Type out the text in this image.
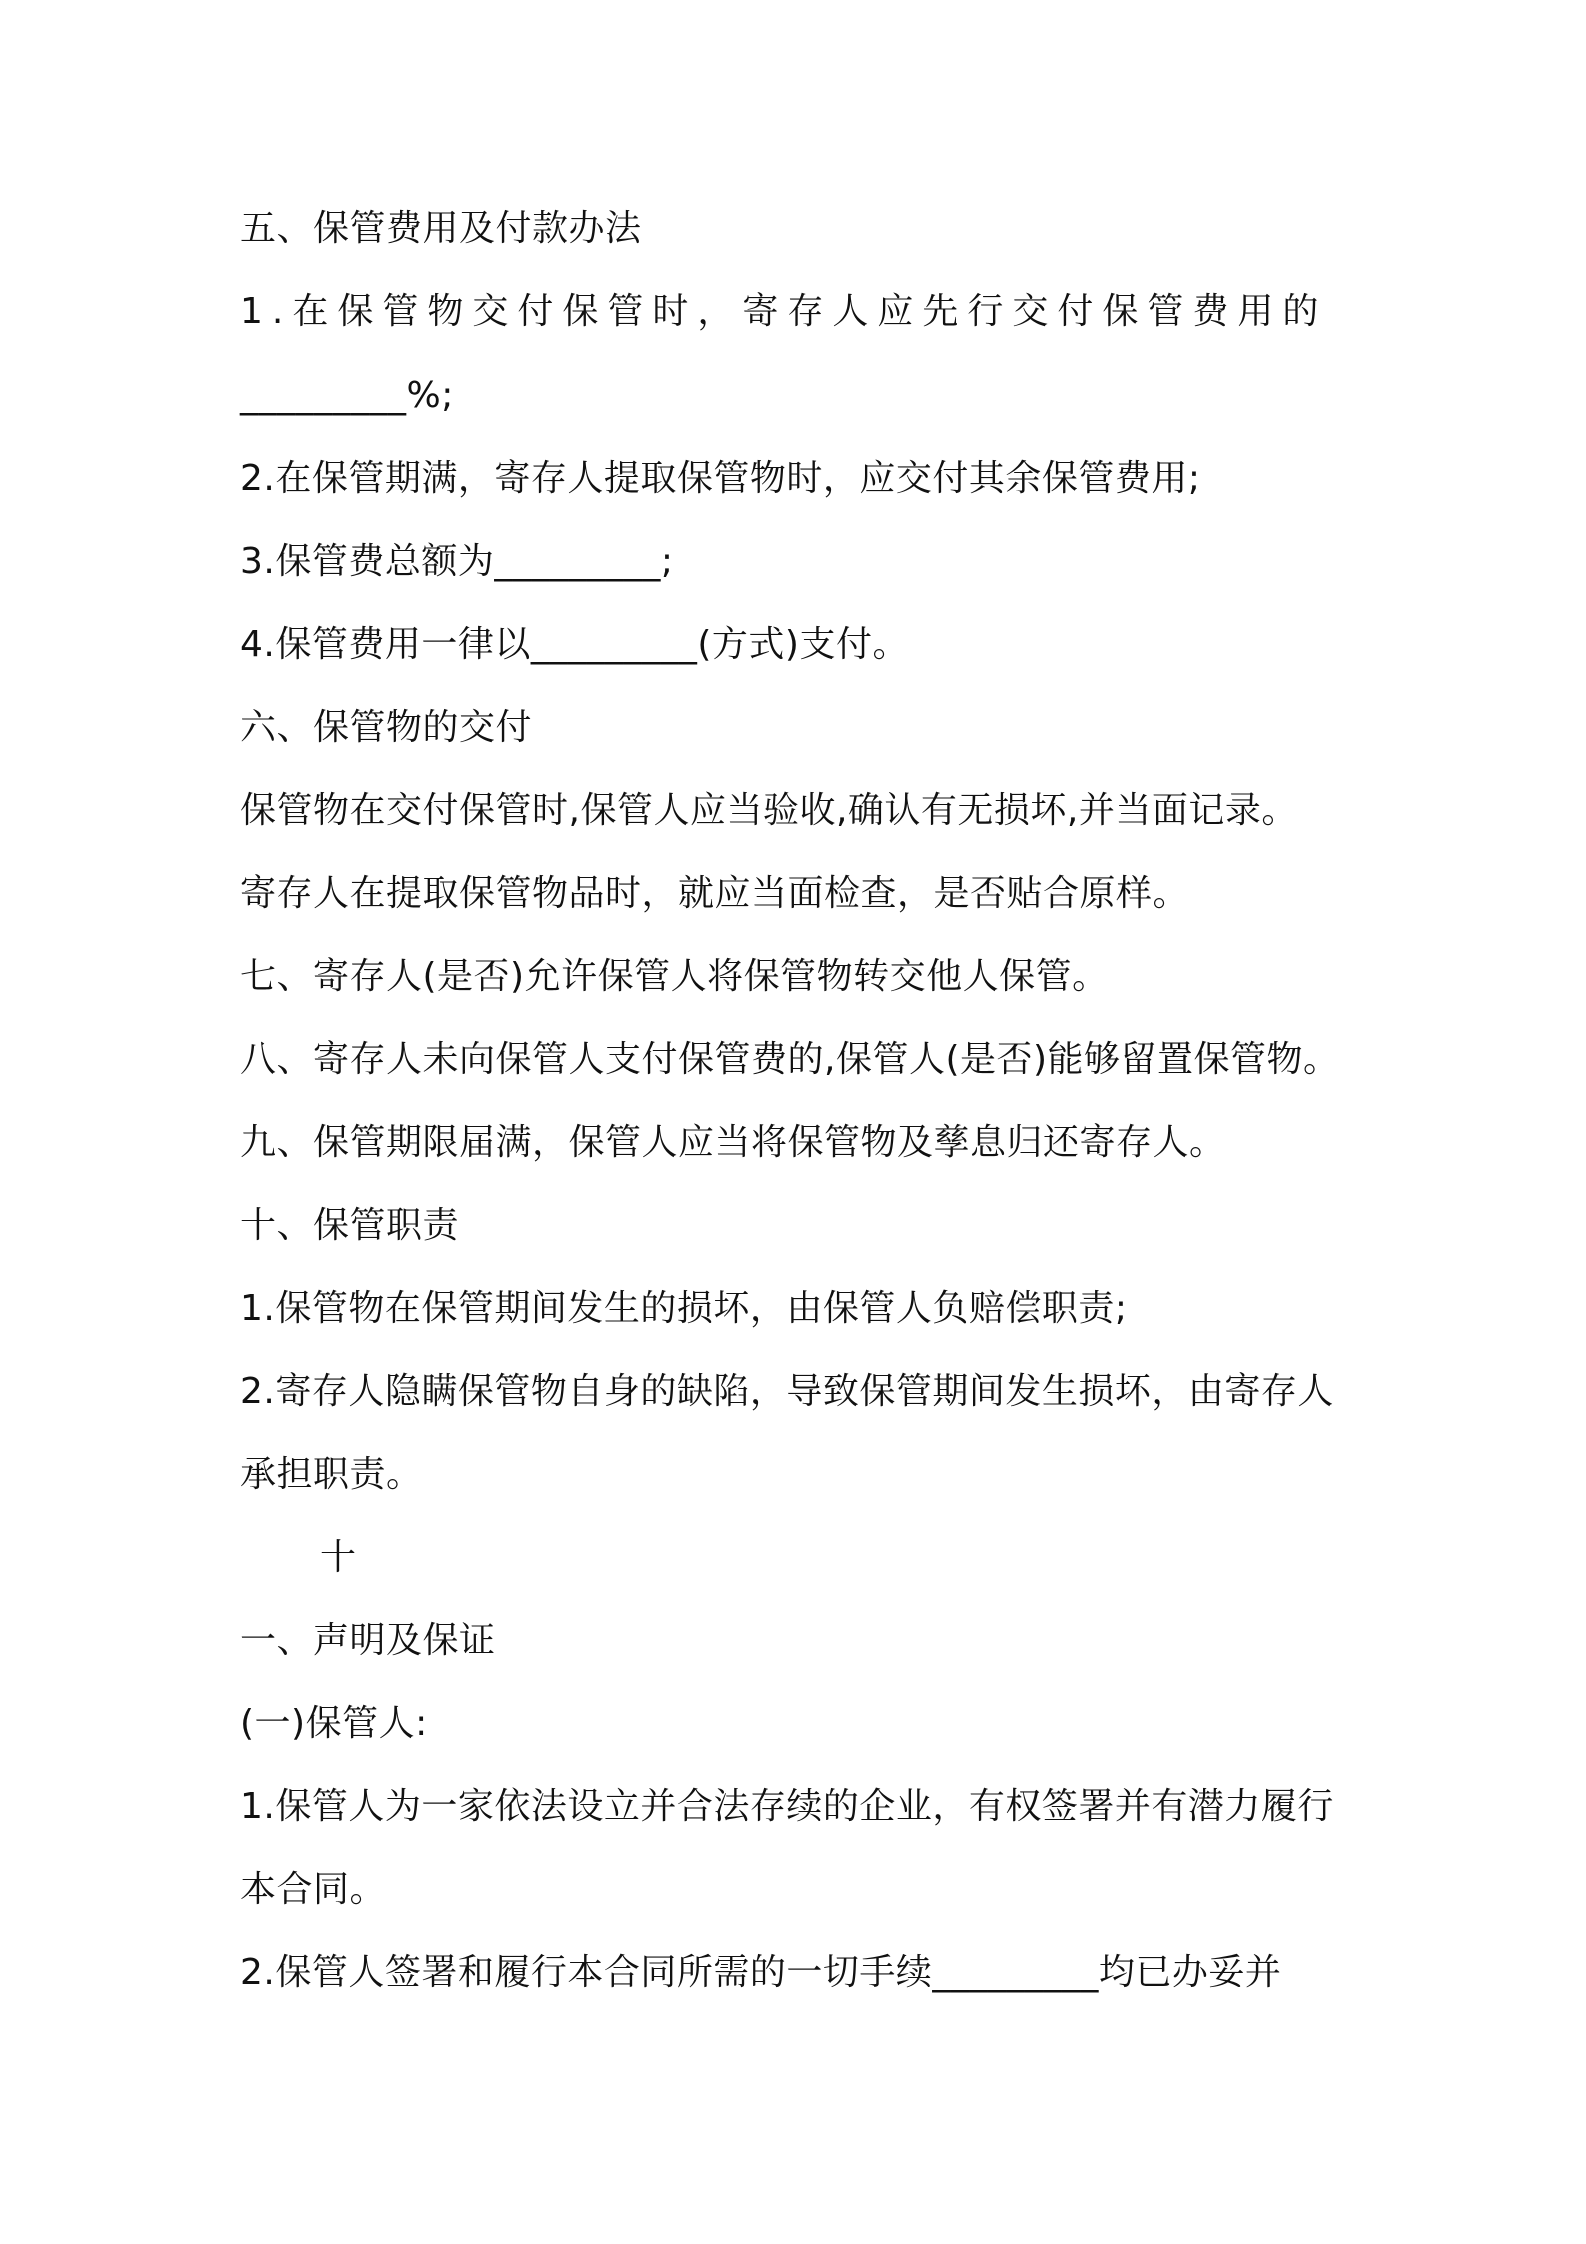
五、保管费用及付款办法
1.在保管物交付保管时，寄存人应先行交付保管费用的
_________%;
2.在保管期满，寄存人提取保管物时，应交付其余保管费用;
3.保管费总额为_________;
4.保管费用一律以_________(方式)支付。
六、保管物的交付
保管物在交付保管时,保管人应当验收,确认有无损坏,并当面记录。
寄存人在提取保管物品时，就应当面检查，是否贴合原样。
七、寄存人(是否)允许保管人将保管物转交他人保管。
八、寄存人未向保管人支付保管费的,保管人(是否)能够留置保管物。
九、保管期限届满，保管人应当将保管物及孳息归还寄存人。
十、保管职责
1.保管物在保管期间发生的损坏，由保管人负赔偿职责;
2.寄存人隐瞒保管物自身的缺陷，导致保管期间发生损坏，由寄存人
承担职责。
十
一、声明及保证
(一)保管人:
1.保管人为一家依法设立并合法存续的企业，有权签署并有潜力履行
本合同。
2.保管人签署和履行本合同所需的一切手续_________均已办妥并
